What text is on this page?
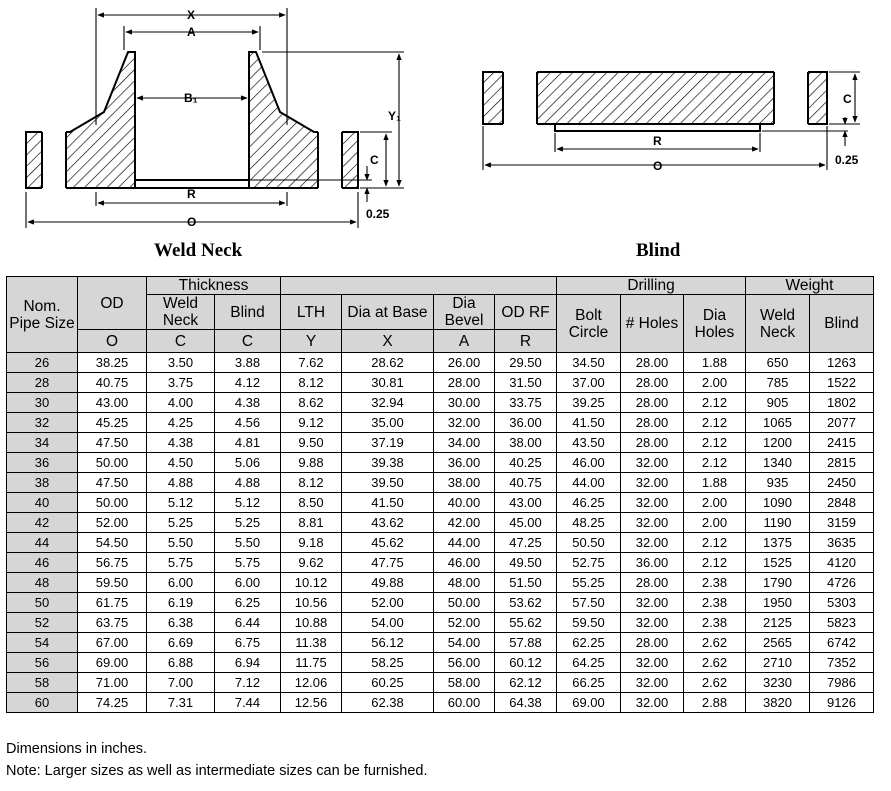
X
A
B₁
Y₁
C
R
O
0.25
C
R
O	0.25
Weld Neck	Blind
Nom. Pipe Size	OD	Thickness						Drilling			Weight	
		Weld Neck	Blind	LTH	Dia at Base	Dia Bevel	OD RF	Bolt Circle	# Holes	Dia Holes	Weld Neck	Blind
	O	C	C	Y	X	A	R					
26	38.25	3.50	3.88	7.62	28.62	26.00	29.50	34.50	28.00	1.88	650	1263
28	40.75	3.75	4.12	8.12	30.81	28.00	31.50	37.00	28.00	2.00	785	1522
30	43.00	4.00	4.38	8.62	32.94	30.00	33.75	39.25	28.00	2.12	905	1802
32	45.25	4.25	4.56	9.12	35.00	32.00	36.00	41.50	28.00	2.12	1065	2077
34	47.50	4.38	4.81	9.50	37.19	34.00	38.00	43.50	28.00	2.12	1200	2415
36	50.00	4.50	5.06	9.88	39.38	36.00	40.25	46.00	32.00	2.12	1340	2815
38	47.50	4.88	4.88	8.12	39.50	38.00	40.75	44.00	32.00	1.88	935	2450
40	50.00	5.12	5.12	8.50	41.50	40.00	43.00	46.25	32.00	2.00	1090	2848
42	52.00	5.25	5.25	8.81	43.62	42.00	45.00	48.25	32.00	2.00	1190	3159
44	54.50	5.50	5.50	9.18	45.62	44.00	47.25	50.50	32.00	2.12	1375	3635
46	56.75	5.75	5.75	9.62	47.75	46.00	49.50	52.75	36.00	2.12	1525	4120
48	59.50	6.00	6.00	10.12	49.88	48.00	51.50	55.25	28.00	2.38	1790	4726
50	61.75	6.19	6.25	10.56	52.00	50.00	53.62	57.50	32.00	2.38	1950	5303
52	63.75	6.38	6.44	10.88	54.00	52.00	55.62	59.50	32.00	2.38	2125	5823
54	67.00	6.69	6.75	11.38	56.12	54.00	57.88	62.25	28.00	2.62	2565	6742
56	69.00	6.88	6.94	11.75	58.25	56.00	60.12	64.25	32.00	2.62	2710	7352
58	71.00	7.00	7.12	12.06	60.25	58.00	62.12	66.25	32.00	2.62	3230	7986
60	74.25	7.31	7.44	12.56	62.38	60.00	64.38	69.00	32.00	2.88	3820	9126
Dimensions in inches.
Note: Larger sizes as well as intermediate sizes can be furnished.
